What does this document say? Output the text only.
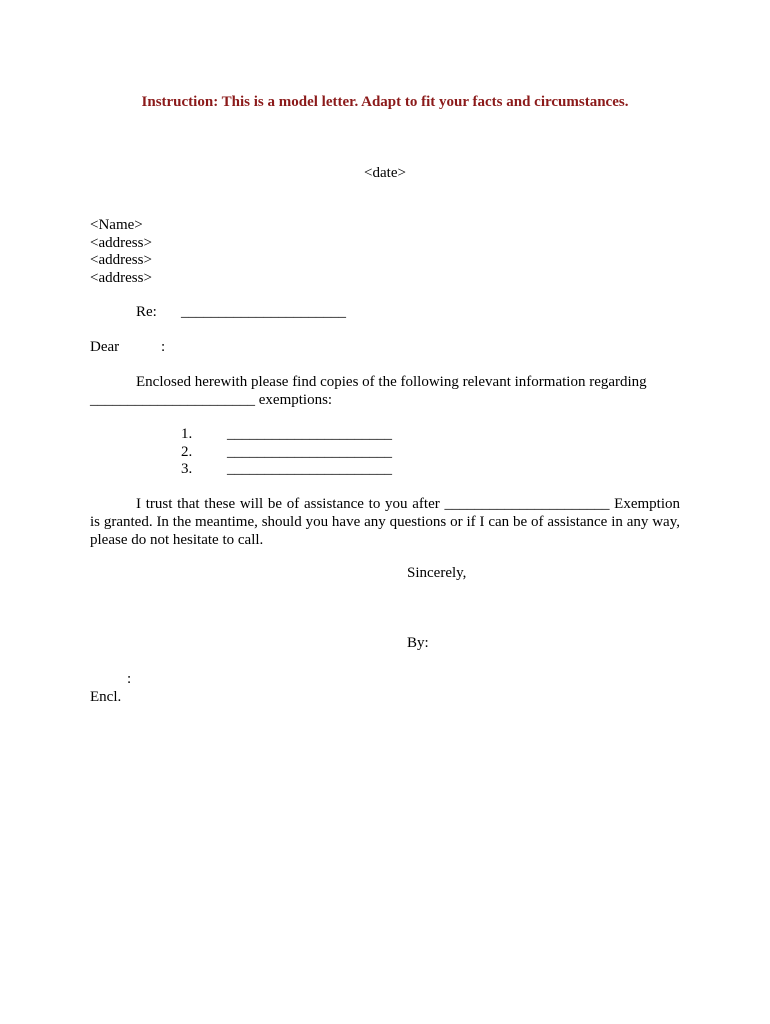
Instruction: This is a model letter. Adapt to fit your facts and circumstances.
<date>
<Name>
<address>
<address>
<address>
Re: ______________________
Dear	:
Enclosed herewith please find copies of the following relevant information regarding
______________________ exemptions:
1. ______________________
2. ______________________
3. ______________________
I trust that these will be of assistance to you after ______________________ Exemption is granted. In the meantime, should you have any questions or if I can be of assistance in any way, please do not hesitate to call.
Sincerely,
By:
:
Encl.
